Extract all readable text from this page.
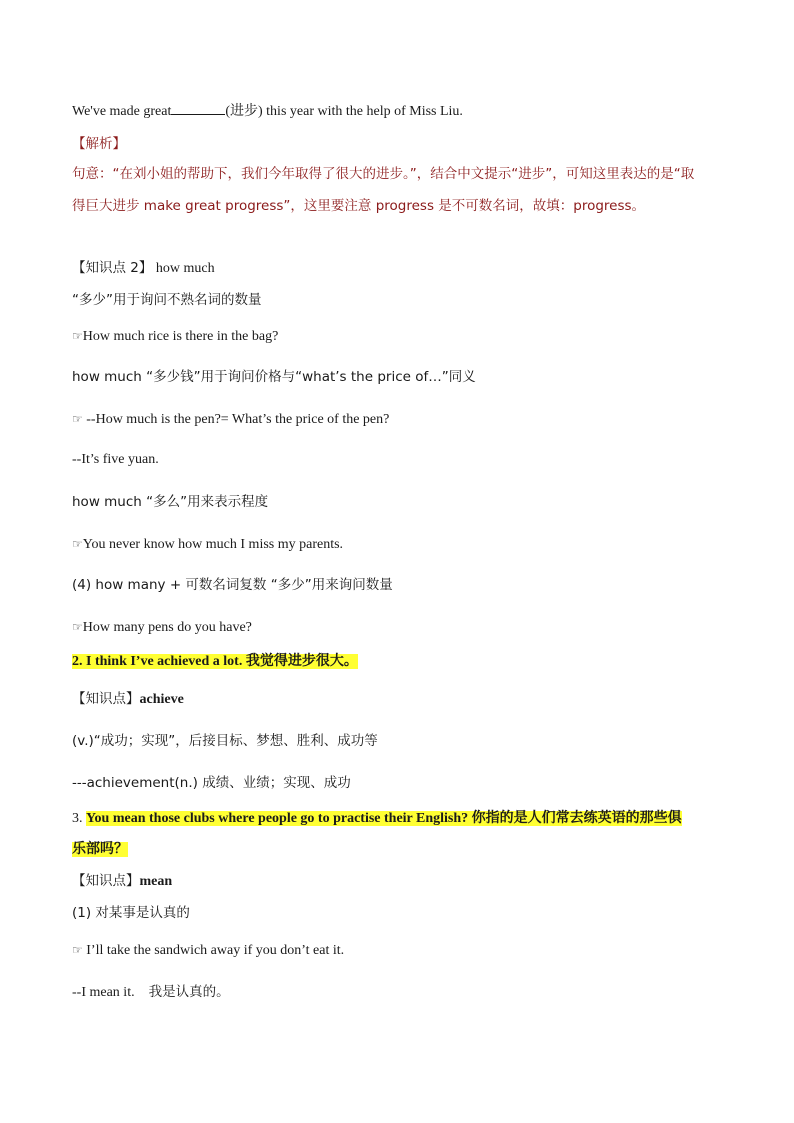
We've made great	(进步) this year with the help of Miss Liu.
【解析】
句意：“在刘小姐的帮助下，我们今年取得了很大的进步。”，结合中文提示“进步”，可知这里表达的是“取
得巨大进步 make great progress”，这里要注意 progress 是不可数名词，故填：progress。
【知识点 2】 how much
“多少”用于询问不熟名词的数量
☞How much rice is there in the bag?
how much “多少钱”用于询问价格与“what’s the price of…”同义
☞ --How much is the pen?= What’s the price of the pen?
--It’s five yuan.
how much “多么”用来表示程度
☞You never know how much I miss my parents.
(4) how many + 可数名词复数 “多少”用来询问数量
☞How many pens do you have?
2. I think I’ve achieved a lot. 我觉得进步很大。
【知识点】achieve
(v.)“成功；实现”，后接目标、梦想、胜利、成功等
---achievement(n.) 成绩、业绩；实现、成功
3. You mean those clubs where people go to practise their English? 你指的是人们常去练英语的那些俱
乐部吗？
【知识点】mean
(1) 对某事是认真的
☞ I’ll take the sandwich away if you don’t eat it.
--I mean it. 我是认真的。
